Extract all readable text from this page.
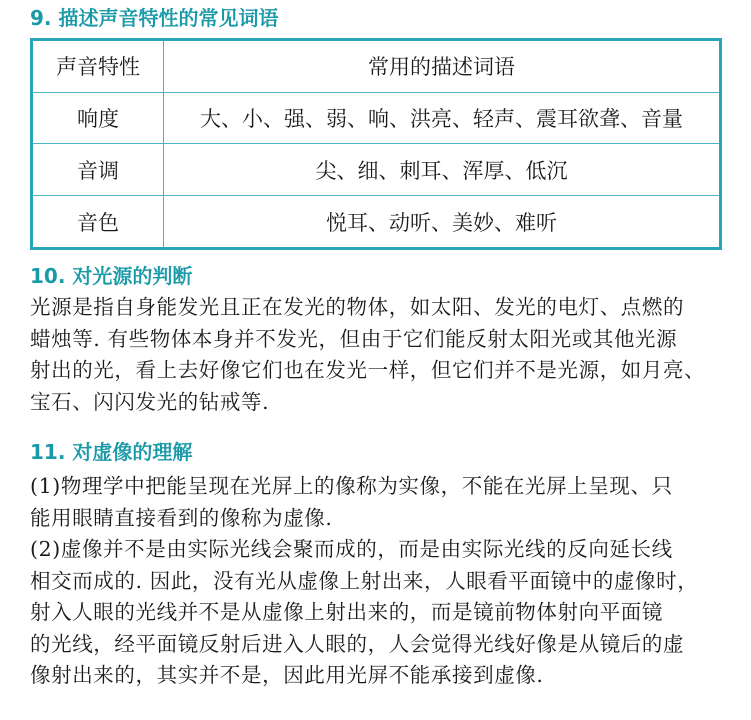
9. 描述声音特性的常见词语
声音特性	常用的描述词语
响度	大、小、强、弱、响、洪亮、轻声、震耳欲聋、音量
音调	尖、细、刺耳、浑厚、低沉
音色	悦耳、动听、美妙、难听
10. 对光源的判断
光源是指自身能发光且正在发光的物体，如太阳、发光的电灯、点燃的
蜡烛等. 有些物体本身并不发光，但由于它们能反射太阳光或其他光源
射出的光，看上去好像它们也在发光一样，但它们并不是光源，如月亮、
宝石、闪闪发光的钻戒等.
11. 对虚像的理解
(1)物理学中把能呈现在光屏上的像称为实像，不能在光屏上呈现、只
能用眼睛直接看到的像称为虚像.
(2)虚像并不是由实际光线会聚而成的，而是由实际光线的反向延长线
相交而成的. 因此，没有光从虚像上射出来，人眼看平面镜中的虚像时，
射入人眼的光线并不是从虚像上射出来的，而是镜前物体射向平面镜
的光线，经平面镜反射后进入人眼的，人会觉得光线好像是从镜后的虚
像射出来的，其实并不是，因此用光屏不能承接到虚像.
